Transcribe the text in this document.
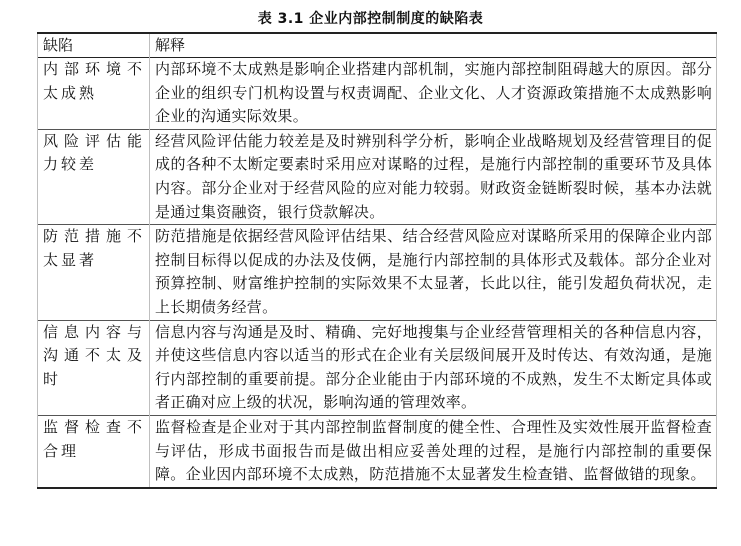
表 3.1 企业内部控制制度的缺陷表
缺陷	解释
内部环境不太成熟	内部环境不太成熟是影响企业搭建内部机制，实施内部控制阻碍越大的原因。部分企业的组织专门机构设置与权责调配、企业文化、人才资源政策措施不太成熟影响企业的沟通实际效果。
风险评估能力较差	经营风险评估能力较差是及时辨别科学分析，影响企业战略规划及经营管理目的促成的各种不太断定要素时采用应对谋略的过程，是施行内部控制的重要环节及具体内容。部分企业对于经营风险的应对能力较弱。财政资金链断裂时候，基本办法就是通过集资融资，银行贷款解决。
防范措施不太显著	防范措施是依据经营风险评估结果、结合经营风险应对谋略所采用的保障企业内部控制目标得以促成的办法及伎俩，是施行内部控制的具体形式及载体。部分企业对预算控制、财富维护控制的实际效果不太显著，长此以往，能引发超负荷状况，走上长期债务经营。
信息内容与沟通不太及时	信息内容与沟通是及时、精确、完好地搜集与企业经营管理相关的各种信息内容，并使这些信息内容以适当的形式在企业有关层级间展开及时传达、有效沟通，是施行内部控制的重要前提。部分企业能由于内部环境的不成熟，发生不太断定具体或者正确对应上级的状况，影响沟通的管理效率。
监督检查不合理	监督检查是企业对于其内部控制监督制度的健全性、合理性及实效性展开监督检查与评估，形成书面报告而是做出相应妥善处理的过程，是施行内部控制的重要保障。企业因内部环境不太成熟，防范措施不太显著发生检查错、监督做错的现象。
